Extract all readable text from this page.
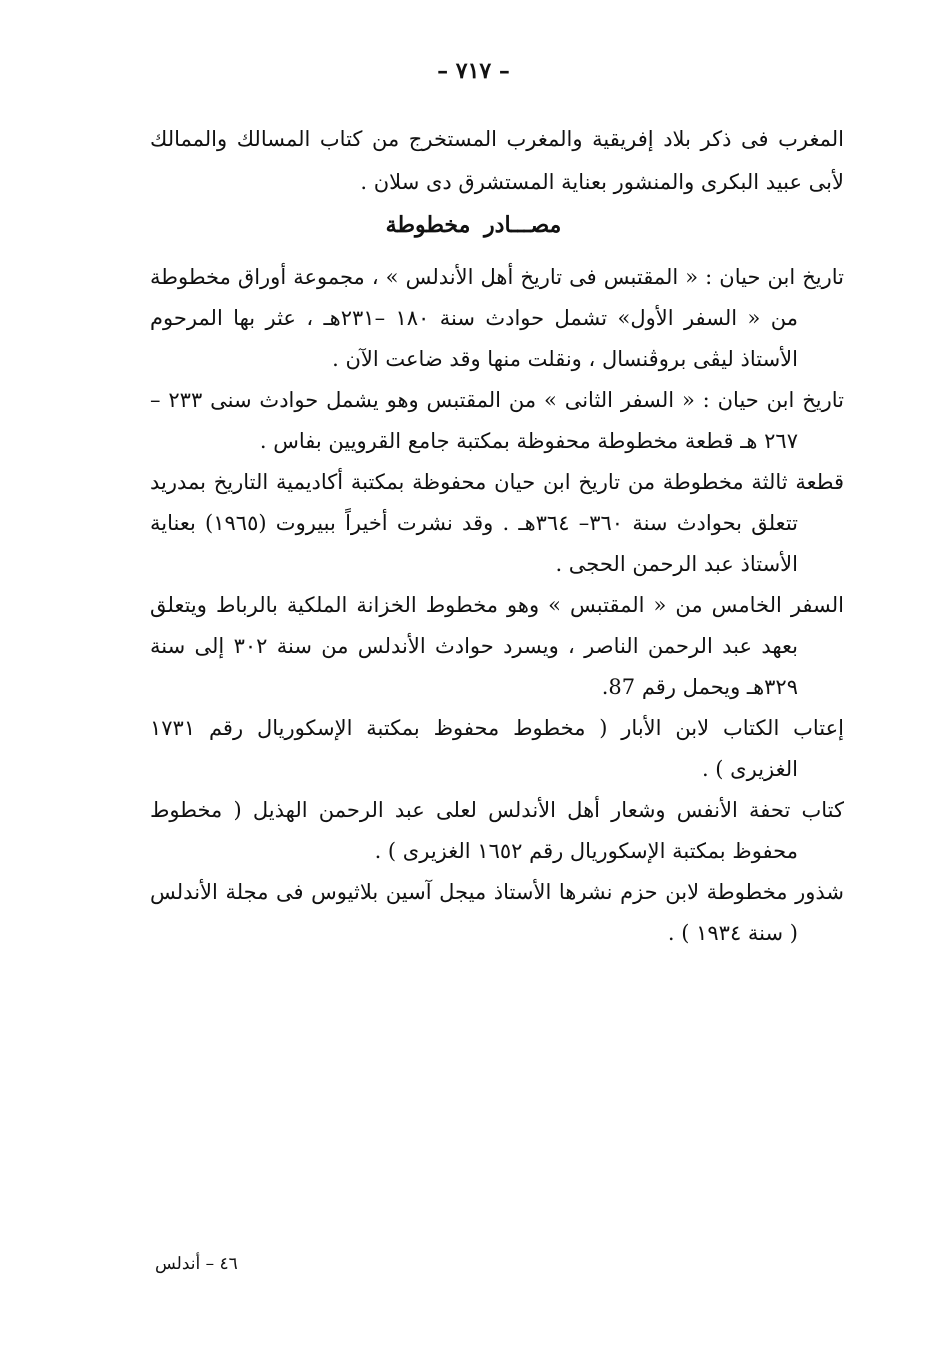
– ٧١٧ –
المغرب فى ذكر بلاد إفريقية والمغرب المستخرج من كتاب المسالك والممالك لأبى عبيد البكرى والمنشور بعناية المستشرق دى سلان .
مصـــادر مخطوطة

تاريخ ابن حيان : « المقتبس فى تاريخ أهل الأندلس » ، مجموعة أوراق مخطوطة من « السفر الأول» تشمل حوادث سنة ١٨٠ –٢٣١هـ ، عثر بها المرحوم الأستاذ ليڤى بروڤنسال ، ونقلت منها وقد ضاعت الآن .

تاريخ ابن حيان : « السفر الثانى » من المقتبس وهو يشمل حوادث سنى ٢٣٣ – ٢٦٧ هـ قطعة مخطوطة محفوظة بمكتبة جامع القرويين بفاس .

قطعة ثالثة مخطوطة من تاريخ ابن حيان محفوظة بمكتبة أكاديمية التاريخ بمدريد تتعلق بحوادث سنة ٣٦٠– ٣٦٤هـ . وقد نشرت أخيراً ببيروت (١٩٦٥) بعناية الأستاذ عبد الرحمن الحجى .

السفر الخامس من « المقتبس » وهو مخطوط الخزانة الملكية بالرباط ويتعلق بعهد عبد الرحمن الناصر ، ويسرد حوادث الأندلس من سنة ٣٠٢ إلى سنة ٣٢٩هـ ويحمل رقم 87.

إعتاب الكتاب لابن الأبار ( مخطوط محفوظ بمكتبة الإسكوريال رقم ١٧٣١ الغزيرى ) .

كتاب تحفة الأنفس وشعار أهل الأندلس لعلى عبد الرحمن الهذيل ( مخطوط محفوظ بمكتبة الإسكوريال رقم ١٦٥٢ الغزيرى ) .

شذور مخطوطة لابن حزم نشرها الأستاذ ميجل آسين بلاثيوس فى مجلة الأندلس ( سنة ١٩٣٤ ) .

٤٦ – أندلس
